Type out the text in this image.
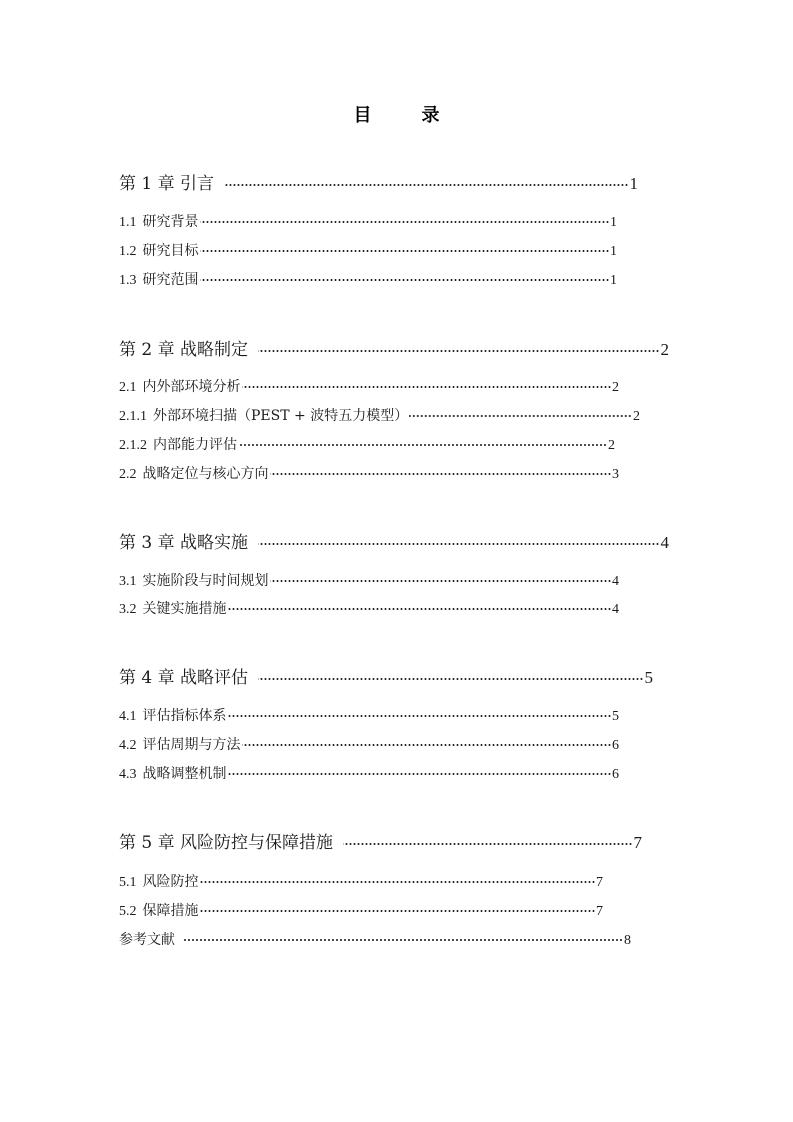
目　录
第 1 章 引言	1
1.1 研究背景	1
1.2 研究目标	1
1.3 研究范围	1
第 2 章 战略制定	2
2.1 内外部环境分析	2
2.1.1 外部环境扫描（PEST + 波特五力模型）	2
2.1.2 内部能力评估	2
2.2 战略定位与核心方向	3
第 3 章 战略实施	4
3.1 实施阶段与时间规划	4
3.2 关键实施措施	4
第 4 章 战略评估	5
4.1 评估指标体系	5
4.2 评估周期与方法	6
4.3 战略调整机制	6
第 5 章 风险防控与保障措施	7
5.1 风险防控	7
5.2 保障措施	7
参考文献	8
